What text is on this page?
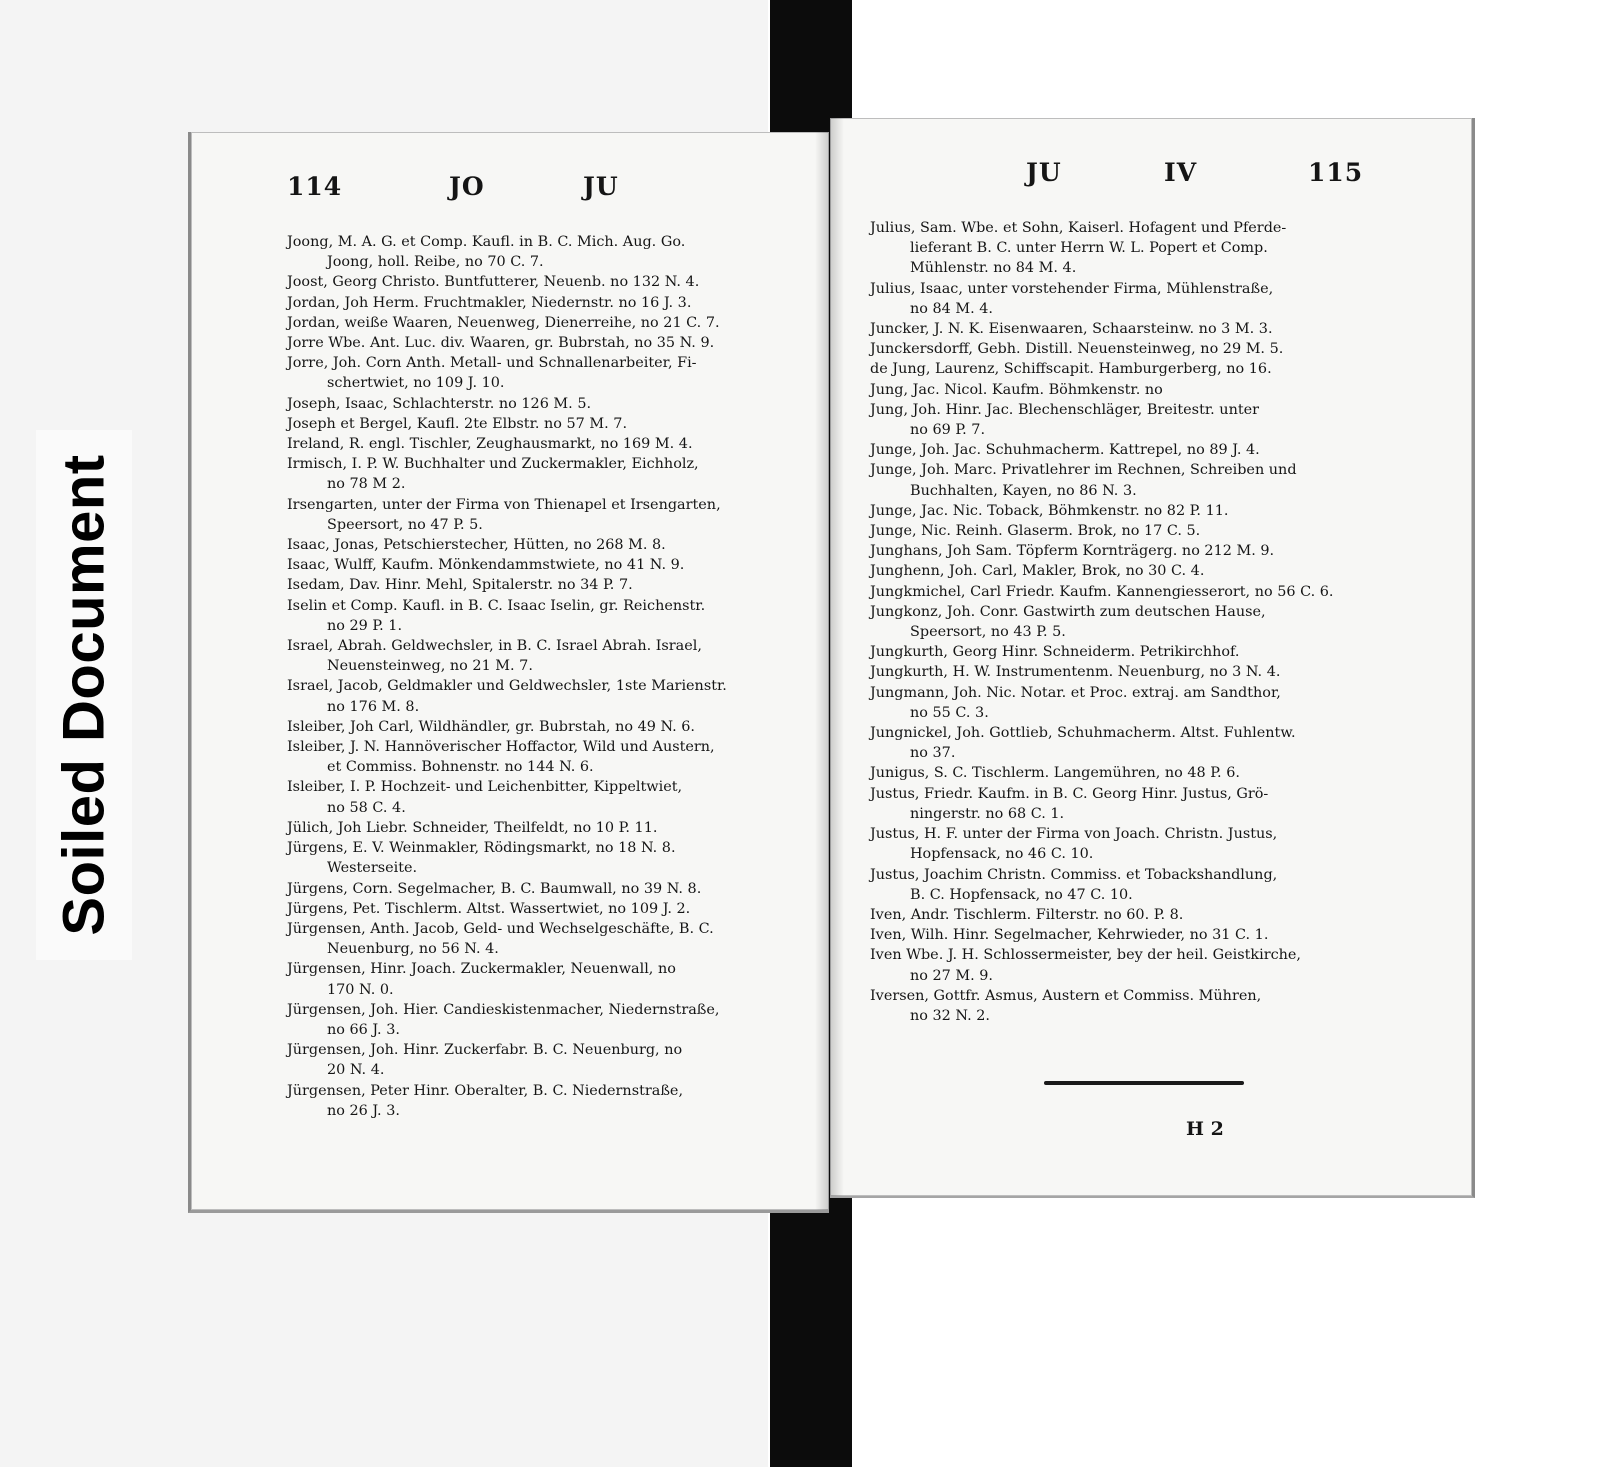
Soiled Document
114	JO	JU
Joong, M. A. G. et Comp. Kaufl. in B. C. Mich. Aug. Go.
Joong, holl. Reibe, no 70 C. 7.
Joost, Georg Christo. Buntfutterer, Neuenb. no 132 N. 4.
Jordan, Joh Herm. Fruchtmakler, Niedernstr. no 16 J. 3.
Jordan, weiße Waaren, Neuenweg, Dienerreihe, no 21 C. 7.
Jorre Wbe. Ant. Luc. div. Waaren, gr. Bubrstah, no 35 N. 9.
Jorre, Joh. Corn Anth. Metall- und Schnallenarbeiter, Fi-
schertwiet, no 109 J. 10.
Joseph, Isaac, Schlachterstr. no 126 M. 5.
Joseph et Bergel, Kaufl. 2te Elbstr. no 57 M. 7.
Ireland, R. engl. Tischler, Zeughausmarkt, no 169 M. 4.
Irmisch, I. P. W. Buchhalter und Zuckermakler, Eichholz,
no 78 M 2.
Irsengarten, unter der Firma von Thienapel et Irsengarten,
Speersort, no 47 P. 5.
Isaac, Jonas, Petschierstecher, Hütten, no 268 M. 8.
Isaac, Wulff, Kaufm. Mönkendammstwiete, no 41 N. 9.
Isedam, Dav. Hinr. Mehl, Spitalerstr. no 34 P. 7.
Iselin et Comp. Kaufl. in B. C. Isaac Iselin, gr. Reichenstr.
no 29 P. 1.
Israel, Abrah. Geldwechsler, in B. C. Israel Abrah. Israel,
Neuensteinweg, no 21 M. 7.
Israel, Jacob, Geldmakler und Geldwechsler, 1ste Marienstr.
no 176 M. 8.
Isleiber, Joh Carl, Wildhändler, gr. Bubrstah, no 49 N. 6.
Isleiber, J. N. Hannöverischer Hoffactor, Wild und Austern,
et Commiss. Bohnenstr. no 144 N. 6.
Isleiber, I. P. Hochzeit- und Leichenbitter, Kippeltwiet,
no 58 C. 4.
Jülich, Joh Liebr. Schneider, Theilfeldt, no 10 P. 11.
Jürgens, E. V. Weinmakler, Rödingsmarkt, no 18 N. 8.
Westerseite.
Jürgens, Corn. Segelmacher, B. C. Baumwall, no 39 N. 8.
Jürgens, Pet. Tischlerm. Altst. Wassertwiet, no 109 J. 2.
Jürgensen, Anth. Jacob, Geld- und Wechselgeschäfte, B. C.
Neuenburg, no 56 N. 4.
Jürgensen, Hinr. Joach. Zuckermakler, Neuenwall, no
170 N. 0.
Jürgensen, Joh. Hier. Candieskistenmacher, Niedernstraße,
no 66 J. 3.
Jürgensen, Joh. Hinr. Zuckerfabr. B. C. Neuenburg, no
20 N. 4.
Jürgensen, Peter Hinr. Oberalter, B. C. Niedernstraße,
no 26 J. 3.
JU	IV	115
Julius, Sam. Wbe. et Sohn, Kaiserl. Hofagent und Pferde-
lieferant B. C. unter Herrn W. L. Popert et Comp.
Mühlenstr. no 84 M. 4.
Julius, Isaac, unter vorstehender Firma, Mühlenstraße,
no 84 M. 4.
Juncker, J. N. K. Eisenwaaren, Schaarsteinw. no 3 M. 3.
Junckersdorff, Gebh. Distill. Neuensteinweg, no 29 M. 5.
de Jung, Laurenz, Schiffscapit. Hamburgerberg, no 16.
Jung, Jac. Nicol. Kaufm. Böhmkenstr. no
Jung, Joh. Hinr. Jac. Blechenschläger, Breitestr. unter
no 69 P. 7.
Junge, Joh. Jac. Schuhmacherm. Kattrepel, no 89 J. 4.
Junge, Joh. Marc. Privatlehrer im Rechnen, Schreiben und
Buchhalten, Kayen, no 86 N. 3.
Junge, Jac. Nic. Toback, Böhmkenstr. no 82 P. 11.
Junge, Nic. Reinh. Glaserm. Brok, no 17 C. 5.
Junghans, Joh Sam. Töpferm Kornträgerg. no 212 M. 9.
Junghenn, Joh. Carl, Makler, Brok, no 30 C. 4.
Jungkmichel, Carl Friedr. Kaufm. Kannengiesserort, no 56 C. 6.
Jungkonz, Joh. Conr. Gastwirth zum deutschen Hause,
Speersort, no 43 P. 5.
Jungkurth, Georg Hinr. Schneiderm. Petrikirchhof.
Jungkurth, H. W. Instrumentenm. Neuenburg, no 3 N. 4.
Jungmann, Joh. Nic. Notar. et Proc. extraj. am Sandthor,
no 55 C. 3.
Jungnickel, Joh. Gottlieb, Schuhmacherm. Altst. Fuhlentw.
no 37.
Junigus, S. C. Tischlerm. Langemühren, no 48 P. 6.
Justus, Friedr. Kaufm. in B. C. Georg Hinr. Justus, Grö-
ningerstr. no 68 C. 1.
Justus, H. F. unter der Firma von Joach. Christn. Justus,
Hopfensack, no 46 C. 10.
Justus, Joachim Christn. Commiss. et Tobackshandlung,
B. C. Hopfensack, no 47 C. 10.
Iven, Andr. Tischlerm. Filterstr. no 60. P. 8.
Iven, Wilh. Hinr. Segelmacher, Kehrwieder, no 31 C. 1.
Iven Wbe. J. H. Schlossermeister, bey der heil. Geistkirche,
no 27 M. 9.
Iversen, Gottfr. Asmus, Austern et Commiss. Mühren,
no 32 N. 2.
H 2
